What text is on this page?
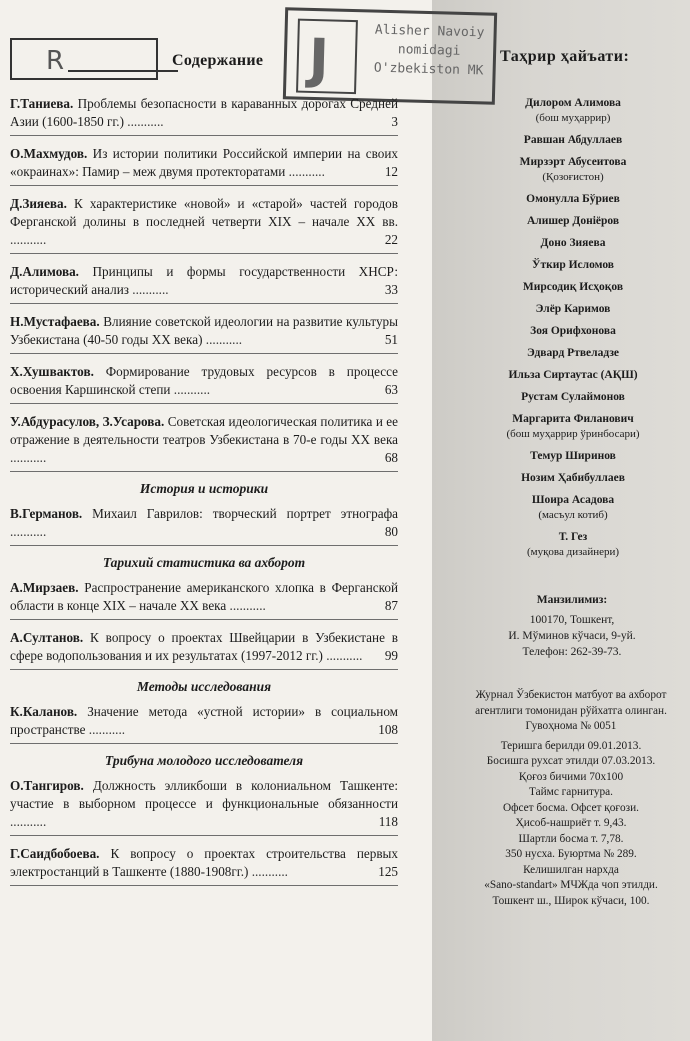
R	Содержание J	Alisher Navoiy
nomidagi
O'zbekiston MK
Г.Таниева. Проблемы безопасности в караванных дорогах Средней Азии (1600-1850 гг.) ...........	3
О.Махмудов. Из истории политики Российской империи на своих «окраинах»: Памир – меж двумя протекторатами ...........	12
Д.Зияева. К характеристике «новой» и «старой» частей городов Ферганской долины в последней четверти XIX – начале XX вв. ...........	22
Д.Алимова. Принципы и формы государственности ХНСР: исторический анализ ...........	33
Н.Мустафаева. Влияние советской идеологии на развитие культуры Узбекистана (40-50 годы XX века) ...........	51
Х.Хушвактов. Формирование трудовых ресурсов в процессе освоения Каршинской степи ...........	63
У.Абдурасулов, З.Усарова. Советская идеологическая политика и ее отражение в деятельности театров Узбекистана в 70-е годы XX века ...........	68
История и историки
В.Германов. Михаил Гаврилов: творческий портрет этнографа ...........	80
Тарихий статистика ва ахборот
А.Мирзаев. Распространение американского хлопка в Ферганской области в конце XIX – начале XX века ...........	87
А.Султанов. К вопросу о проектах Швейцарии в Узбекистане в сфере водопользования и их результатах (1997-2012 гг.) ........... 99
Методы исследования
К.Каланов. Значение метода «устной истории» в социальном пространстве ...........	108
Трибуна молодого исследователя
О.Тангиров. Должность элликбоши в колониальном Ташкенте: участие в выборном процессе и функциональные обязанности ...........	118
Г.Саидбобоева. К вопросу о проектах строительства первых электростанций в Ташкенте (1880-1908гг.) ...........	125
Таҳрир ҳайъати:
Дилором Алимова
(бош муҳаррир)
Равшан Абдуллаев
Мирзэрт Абусеитова
(Қозоғистон)
Омонулла Бўриев
Алишер Доніёров
Доно Зияева
Ўткир Исломов
Мирсодиқ Исҳоқов
Элёр Каримов
Зоя Орифхонова
Эдвард Ртвеладзе
Ильза Сиртаутас (АҚШ)
Рустам Сулаймонов
Маргарита Филанович
(бош муҳаррир ўринбосари)
Темур Ширинов
Нозим Ҳабибуллаев
Шоира Асадова
(масъул котиб)
Т. Гез
(муқова дизайнери)
Манзилимиз:
100170, Тошкент,
И. Мўминов кўчаси, 9-уй.
Телефон: 262-39-73.
Журнал Ўзбекистон матбуот ва ахборот агентлиги томонидан рўйхатга олинган. Гувоҳнома № 0051
Теришга берилди 09.01.2013.
Босишга рухсат этилди 07.03.2013.
Қоғоз бичими 70х100
Таймс гарнитура.
Офсет босма. Офсет қоғози.
Ҳисоб-нашриёт т. 9,43.
Шартли босма т. 7,78.
350 нусха. Буюртма № 289.
Келишилган нархда
«Sano-standart» МЧЖда чоп этилди.
Тошкент ш., Широк кўчаси, 100.
